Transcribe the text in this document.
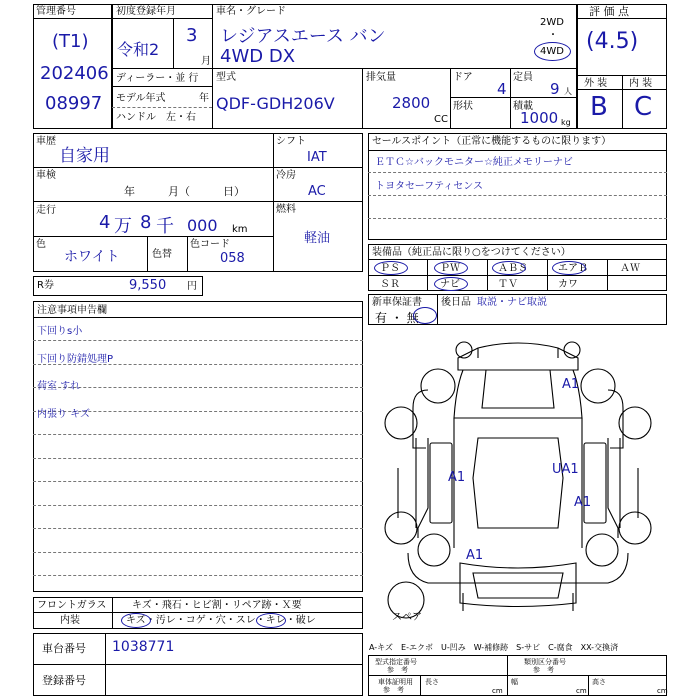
管理番号
(T1)
202406
08997
初度登録年月
令和2
3
月
車名・グレード
レジアスエース バン
4WD DX
2WD
・
4WD
ディーラー・並 行
モデル年式	年
ハンドル　左・右
型式
QDF-GDH206V
排気量
2800
CC
ドア
4
定員
9 人
形状	積載
1000 kg
評 価 点
(4.5)
外 装 内 装
B C
車歴
自家用
車検
年　　　月（　　　日）
走行
4 万 8 千 000 km
色
ホワイト	色替
色コード
058
シフト
IAT
冷房
AC
燃料
軽油
R券	9,550 円
セールスポイント（正常に機能するものに限ります）
ＥＴＣ☆バックモニター☆純正メモリーナビ
トヨタセーフティセンス
装備品（純正品に限り○をつけてください）
ＰＳ	ＰＷ	ＡＢＳ	エアＢ	ＡＷ
ＳＲ	ナビ	ＴＶ	カワ
新車保証書
有 ・ 無
後日品 取説・ナビ取説
注意事項申告欄
下回りs小
下回り防錆処理P
荷室 すれ
内張り キズ
A1
A1
UA1
A1
A1
スペア
フロントガラス	キズ・飛石・ヒビ割・リペア跡・Ｘ要
内装	キズ・汚レ・コゲ・穴・スレ・キレ・破レ
車台番号 1038771
登録番号
A-キズ　E-エクボ　U-凹み　W-補修跡　S-サビ　C-腐食　XX-交換済
型式指定番号
参　考
類別区分番号
参　考
車体証明用
参　考
長さ
cm
幅
cm
高さ
cm
